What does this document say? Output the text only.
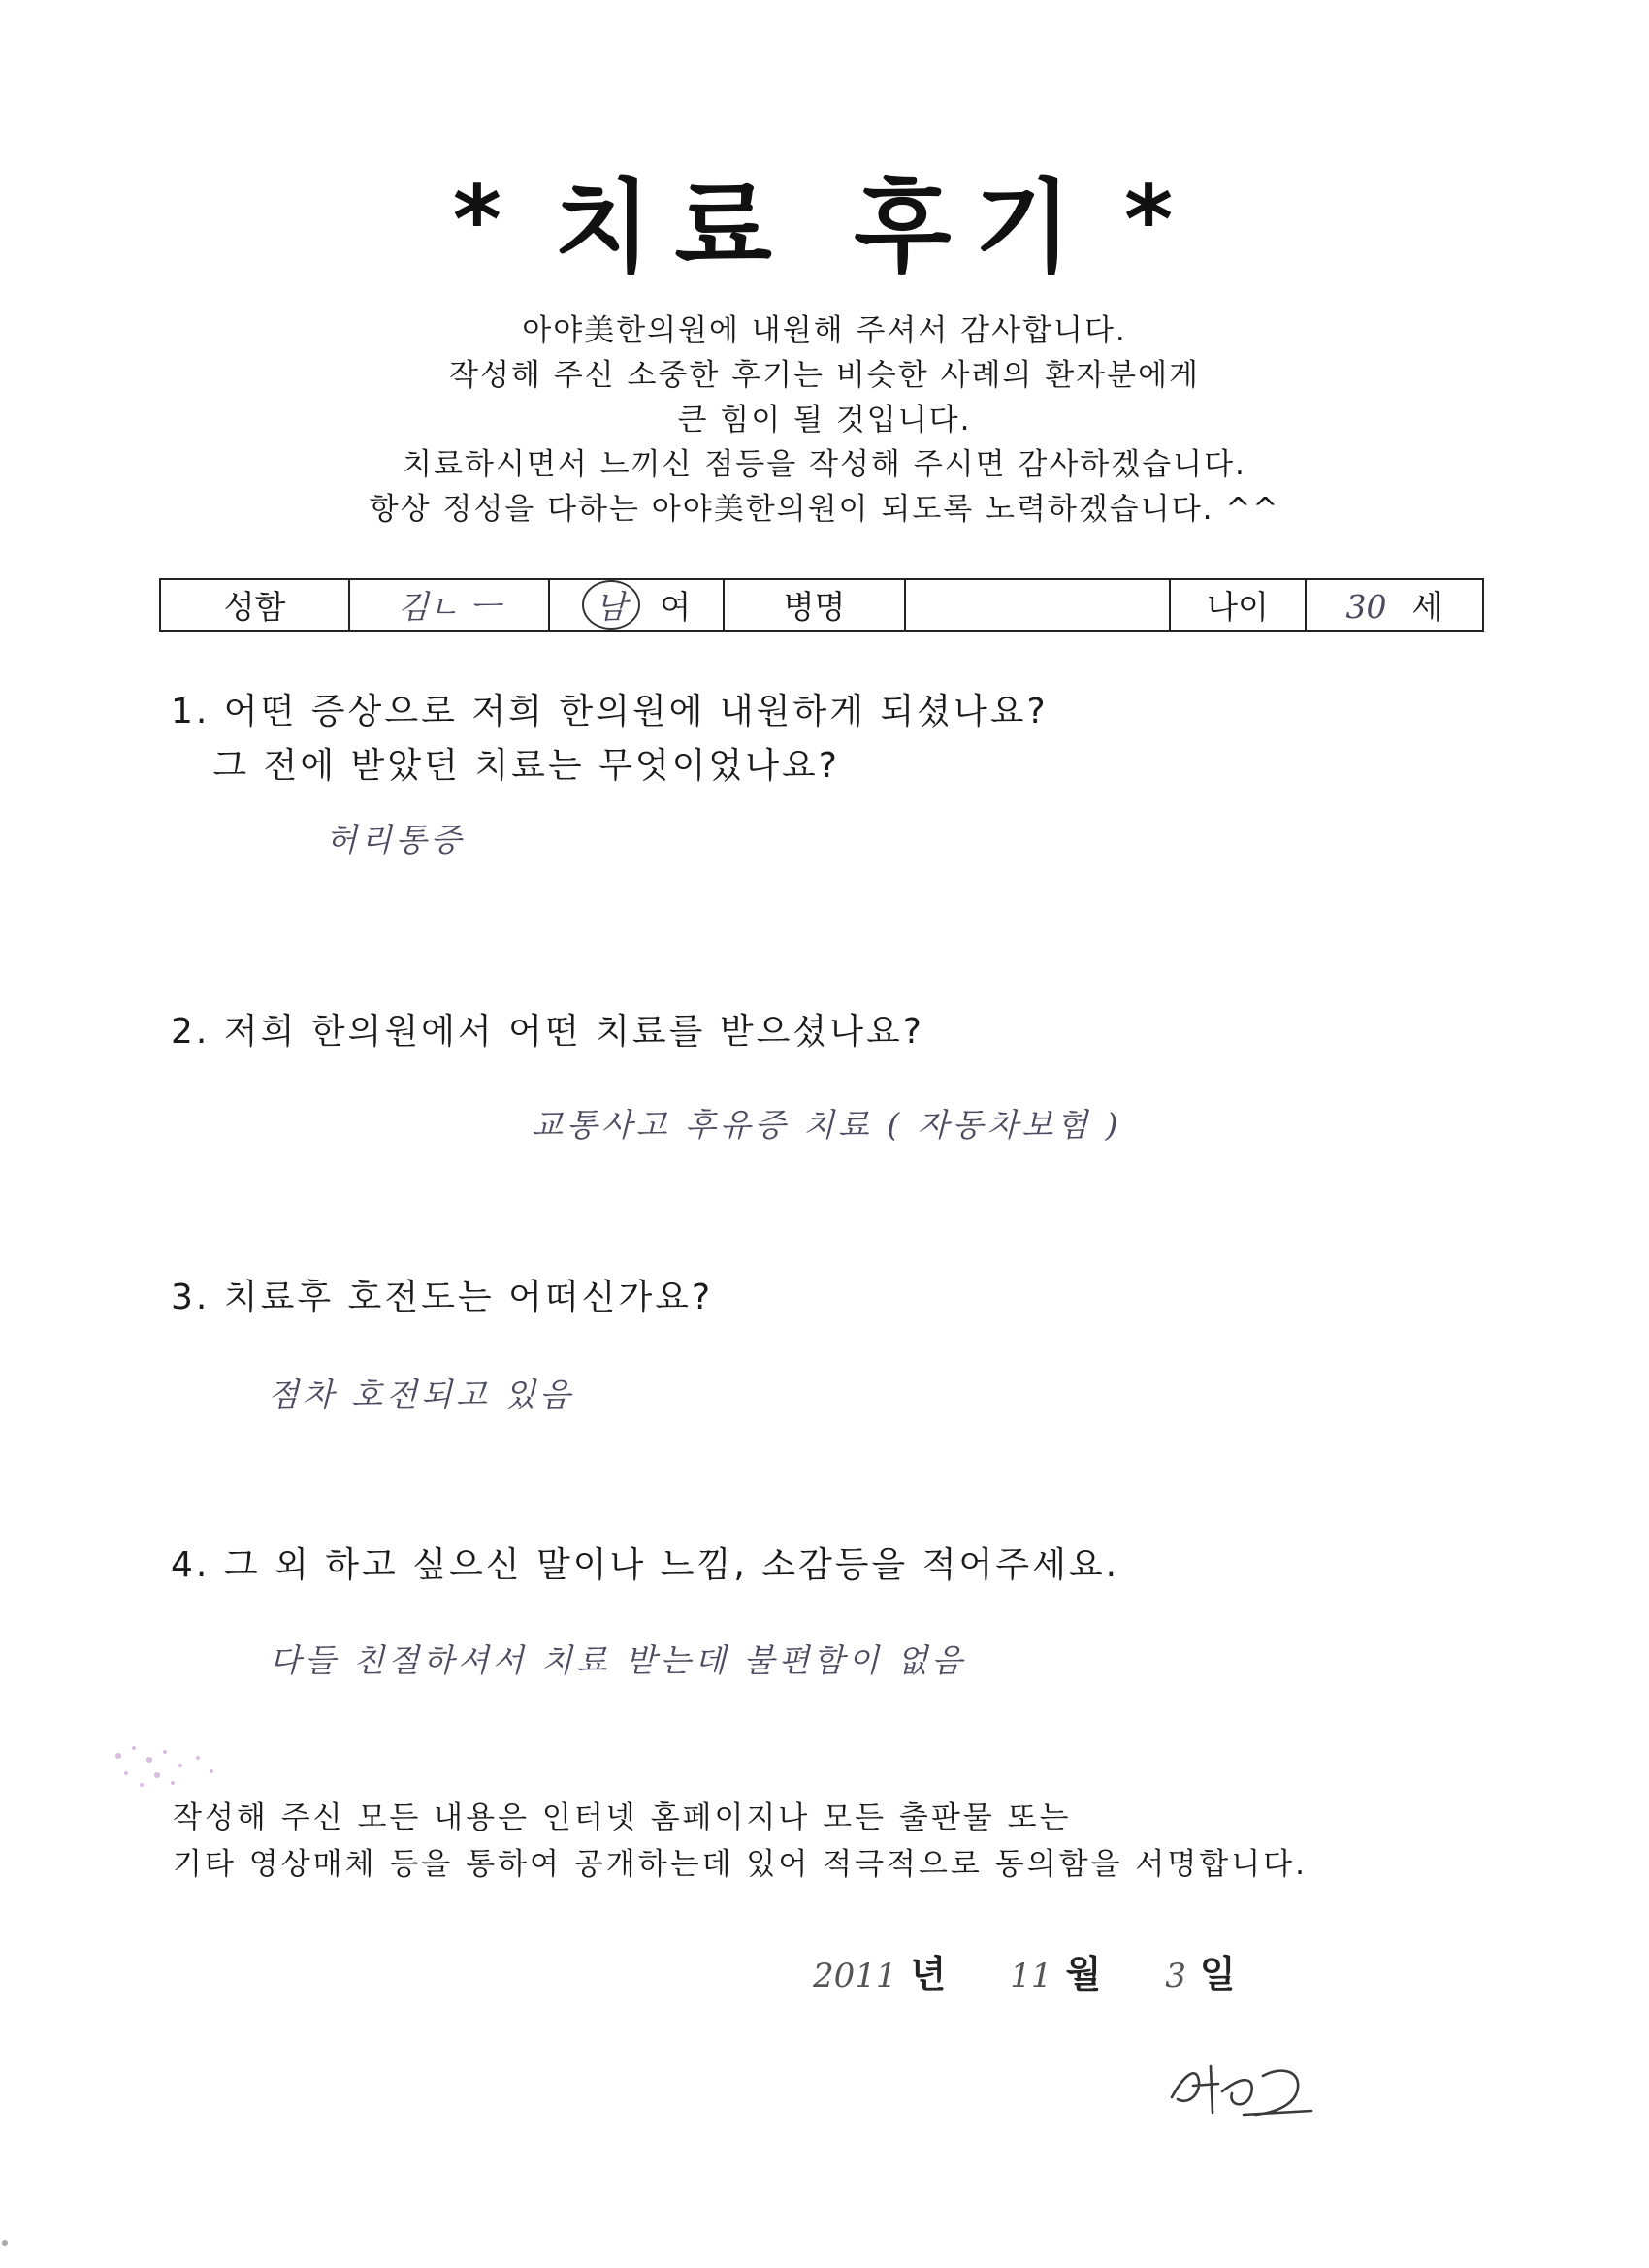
* 치료 후기 *
아야美한의원에 내원해 주셔서 감사합니다.
작성해 주신 소중한 후기는 비슷한 사례의 환자분에게
큰 힘이 될 것입니다.
치료하시면서 느끼신 점등을 작성해 주시면 감사하겠습니다.
항상 정성을 다하는 아야美한의원이 되도록 노력하겠습니다. ^^
성함	김ㄴ ㅡ	남 여	병명		나이	30 세
1. 어떤 증상으로 저희 한의원에 내원하게 되셨나요?
그 전에 받았던 치료는 무엇이었나요?
허리통증
2. 저희 한의원에서 어떤 치료를 받으셨나요?
교통사고 후유증 치료 ( 자동차보험 )
3. 치료후 호전도는 어떠신가요?
점차 호전되고 있음
4. 그 외 하고 싶으신 말이나 느낌, 소감등을 적어주세요.
다들 친절하셔서 치료 받는데 불편함이 없음
작성해 주신 모든 내용은 인터넷 홈페이지나 모든 출판물 또는
기타 영상매체 등을 통하여 공개하는데 있어 적극적으로 동의함을 서명합니다.
2011 년 11 월 3 일
